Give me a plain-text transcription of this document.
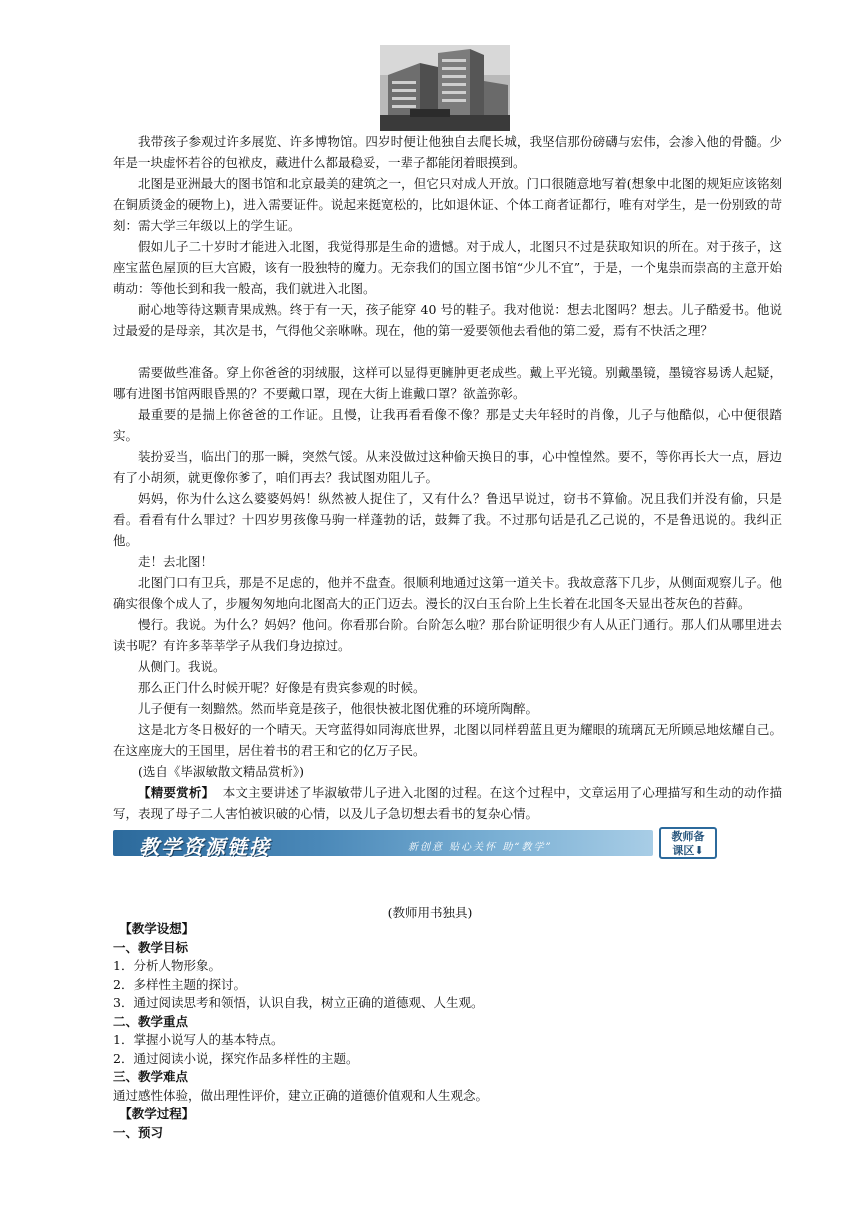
我带孩子参观过许多展览、许多博物馆。四岁时便让他独自去爬长城，我坚信那份磅礴与宏伟，会渗入他的骨髓。少年是一块虚怀若谷的包袱皮，藏进什么都最稳妥，一辈子都能闭着眼摸到。

北图是亚洲最大的图书馆和北京最美的建筑之一，但它只对成人开放。门口很随意地写着(想象中北图的规矩应该铭刻在铜质烫金的硬物上)，进入需要证件。说起来挺宽松的，比如退休证、个体工商者证都行，唯有对学生，是一份别致的苛刻：需大学三年级以上的学生证。

假如儿子二十岁时才能进入北图，我觉得那是生命的遗憾。对于成人，北图只不过是获取知识的所在。对于孩子，这座宝蓝色屋顶的巨大宫殿，该有一股独特的魔力。无奈我们的国立图书馆“少儿不宜”，于是，一个鬼祟而崇高的主意开始萌动：等他长到和我一般高，我们就进入北图。

耐心地等待这颗青果成熟。终于有一天，孩子能穿 40 号的鞋子。我对他说：想去北图吗？想去。儿子酷爱书。他说过最爱的是母亲，其次是书，气得他父亲咻咻。现在，他的第一爱要领他去看他的第二爱，焉有不快活之理？

需要做些准备。穿上你爸爸的羽绒服，这样可以显得更臃肿更老成些。戴上平光镜。别戴墨镜，墨镜容易诱人起疑，哪有进图书馆两眼昏黑的？不要戴口罩，现在大街上谁戴口罩？欲盖弥彰。

最重要的是揣上你爸爸的工作证。且慢，让我再看看像不像？那是丈夫年轻时的肖像，儿子与他酷似，心中便很踏实。

装扮妥当，临出门的那一瞬，突然气馁。从来没做过这种偷天换日的事，心中惶惶然。要不，等你再长大一点，唇边有了小胡须，就更像你爹了，咱们再去？我试图劝阻儿子。

妈妈，你为什么这么婆婆妈妈！纵然被人捉住了，又有什么？鲁迅早说过，窃书不算偷。况且我们并没有偷，只是看。看看有什么罪过？十四岁男孩像马驹一样蓬勃的话，鼓舞了我。不过那句话是孔乙己说的，不是鲁迅说的。我纠正他。

走！去北图！

北图门口有卫兵，那是不足虑的，他并不盘查。很顺利地通过这第一道关卡。我故意落下几步，从侧面观察儿子。他确实很像个成人了，步履匆匆地向北图高大的正门迈去。漫长的汉白玉台阶上生长着在北国冬天显出苍灰色的苔藓。

慢行。我说。为什么？妈妈？他问。你看那台阶。台阶怎么啦？那台阶证明很少有人从正门通行。那人们从哪里进去读书呢？有许多莘莘学子从我们身边掠过。

从侧门。我说。

那么正门什么时候开呢？好像是有贵宾参观的时候。

儿子便有一刻黯然。然而毕竟是孩子，他很快被北图优雅的环境所陶醉。

这是北方冬日极好的一个晴天。天穹蓝得如同海底世界，北图以同样碧蓝且更为耀眼的琉璃瓦无所顾忌地炫耀自己。在这座庞大的王国里，居住着书的君王和它的亿万子民。

(选自《毕淑敏散文精品赏析》)

【精要赏析】 本文主要讲述了毕淑敏带儿子进入北图的过程。在这个过程中，文章运用了心理描写和生动的动作描写，表现了母子二人害怕被识破的心情，以及儿子急切想去看书的复杂心情。

教学资源链接	新创意 贴心关怀 助“教学”
教师备
课区⬇
(教师用书独具)
【教学设想】
一、教学目标
1．分析人物形象。
2．多样性主题的探讨。
3．通过阅读思考和领悟，认识自我，树立正确的道德观、人生观。
二、教学重点
1．掌握小说写人的基本特点。
2．通过阅读小说，探究作品多样性的主题。
三、教学难点
通过感性体验，做出理性评价，建立正确的道德价值观和人生观念。
【教学过程】
一、预习
